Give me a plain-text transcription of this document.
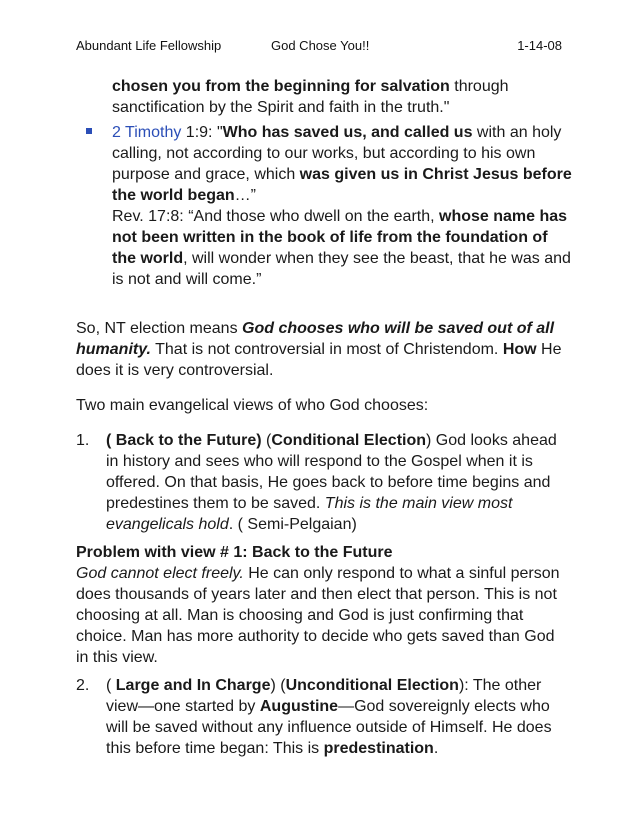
Abundant Life Fellowship	God Chose You!!	1-14-08
chosen you from the beginning for salvation through sanctification by the Spirit and faith in the truth."
2 Timothy 1:9: "Who has saved us, and called us with an holy calling, not according to our works, but according to his own purpose and grace, which was given us in Christ Jesus before the world began…”
Rev. 17:8: “And those who dwell on the earth, whose name has not been written in the book of life from the foundation of the world, will wonder when they see the beast, that he was and is not and will come.”
So, NT election means God chooses who will be saved out of all humanity. That is not controversial in most of Christendom. How He does it is very controversial.
Two main evangelical views of who God chooses:
1. ( Back to the Future) (Conditional Election) God looks ahead in history and sees who will respond to the Gospel when it is offered. On that basis, He goes back to before time begins and predestines them to be saved. This is the main view most evangelicals hold. ( Semi-Pelgaian)
Problem with view # 1: Back to the Future
God cannot elect freely. He can only respond to what a sinful person does thousands of years later and then elect that person. This is not choosing at all. Man is choosing and God is just confirming that choice. Man has more authority to decide who gets saved than God in this view.
2. ( Large and In Charge) (Unconditional Election): The other view—one started by Augustine—God sovereignly elects who will be saved without any influence outside of Himself. He does this before time began: This is predestination.
